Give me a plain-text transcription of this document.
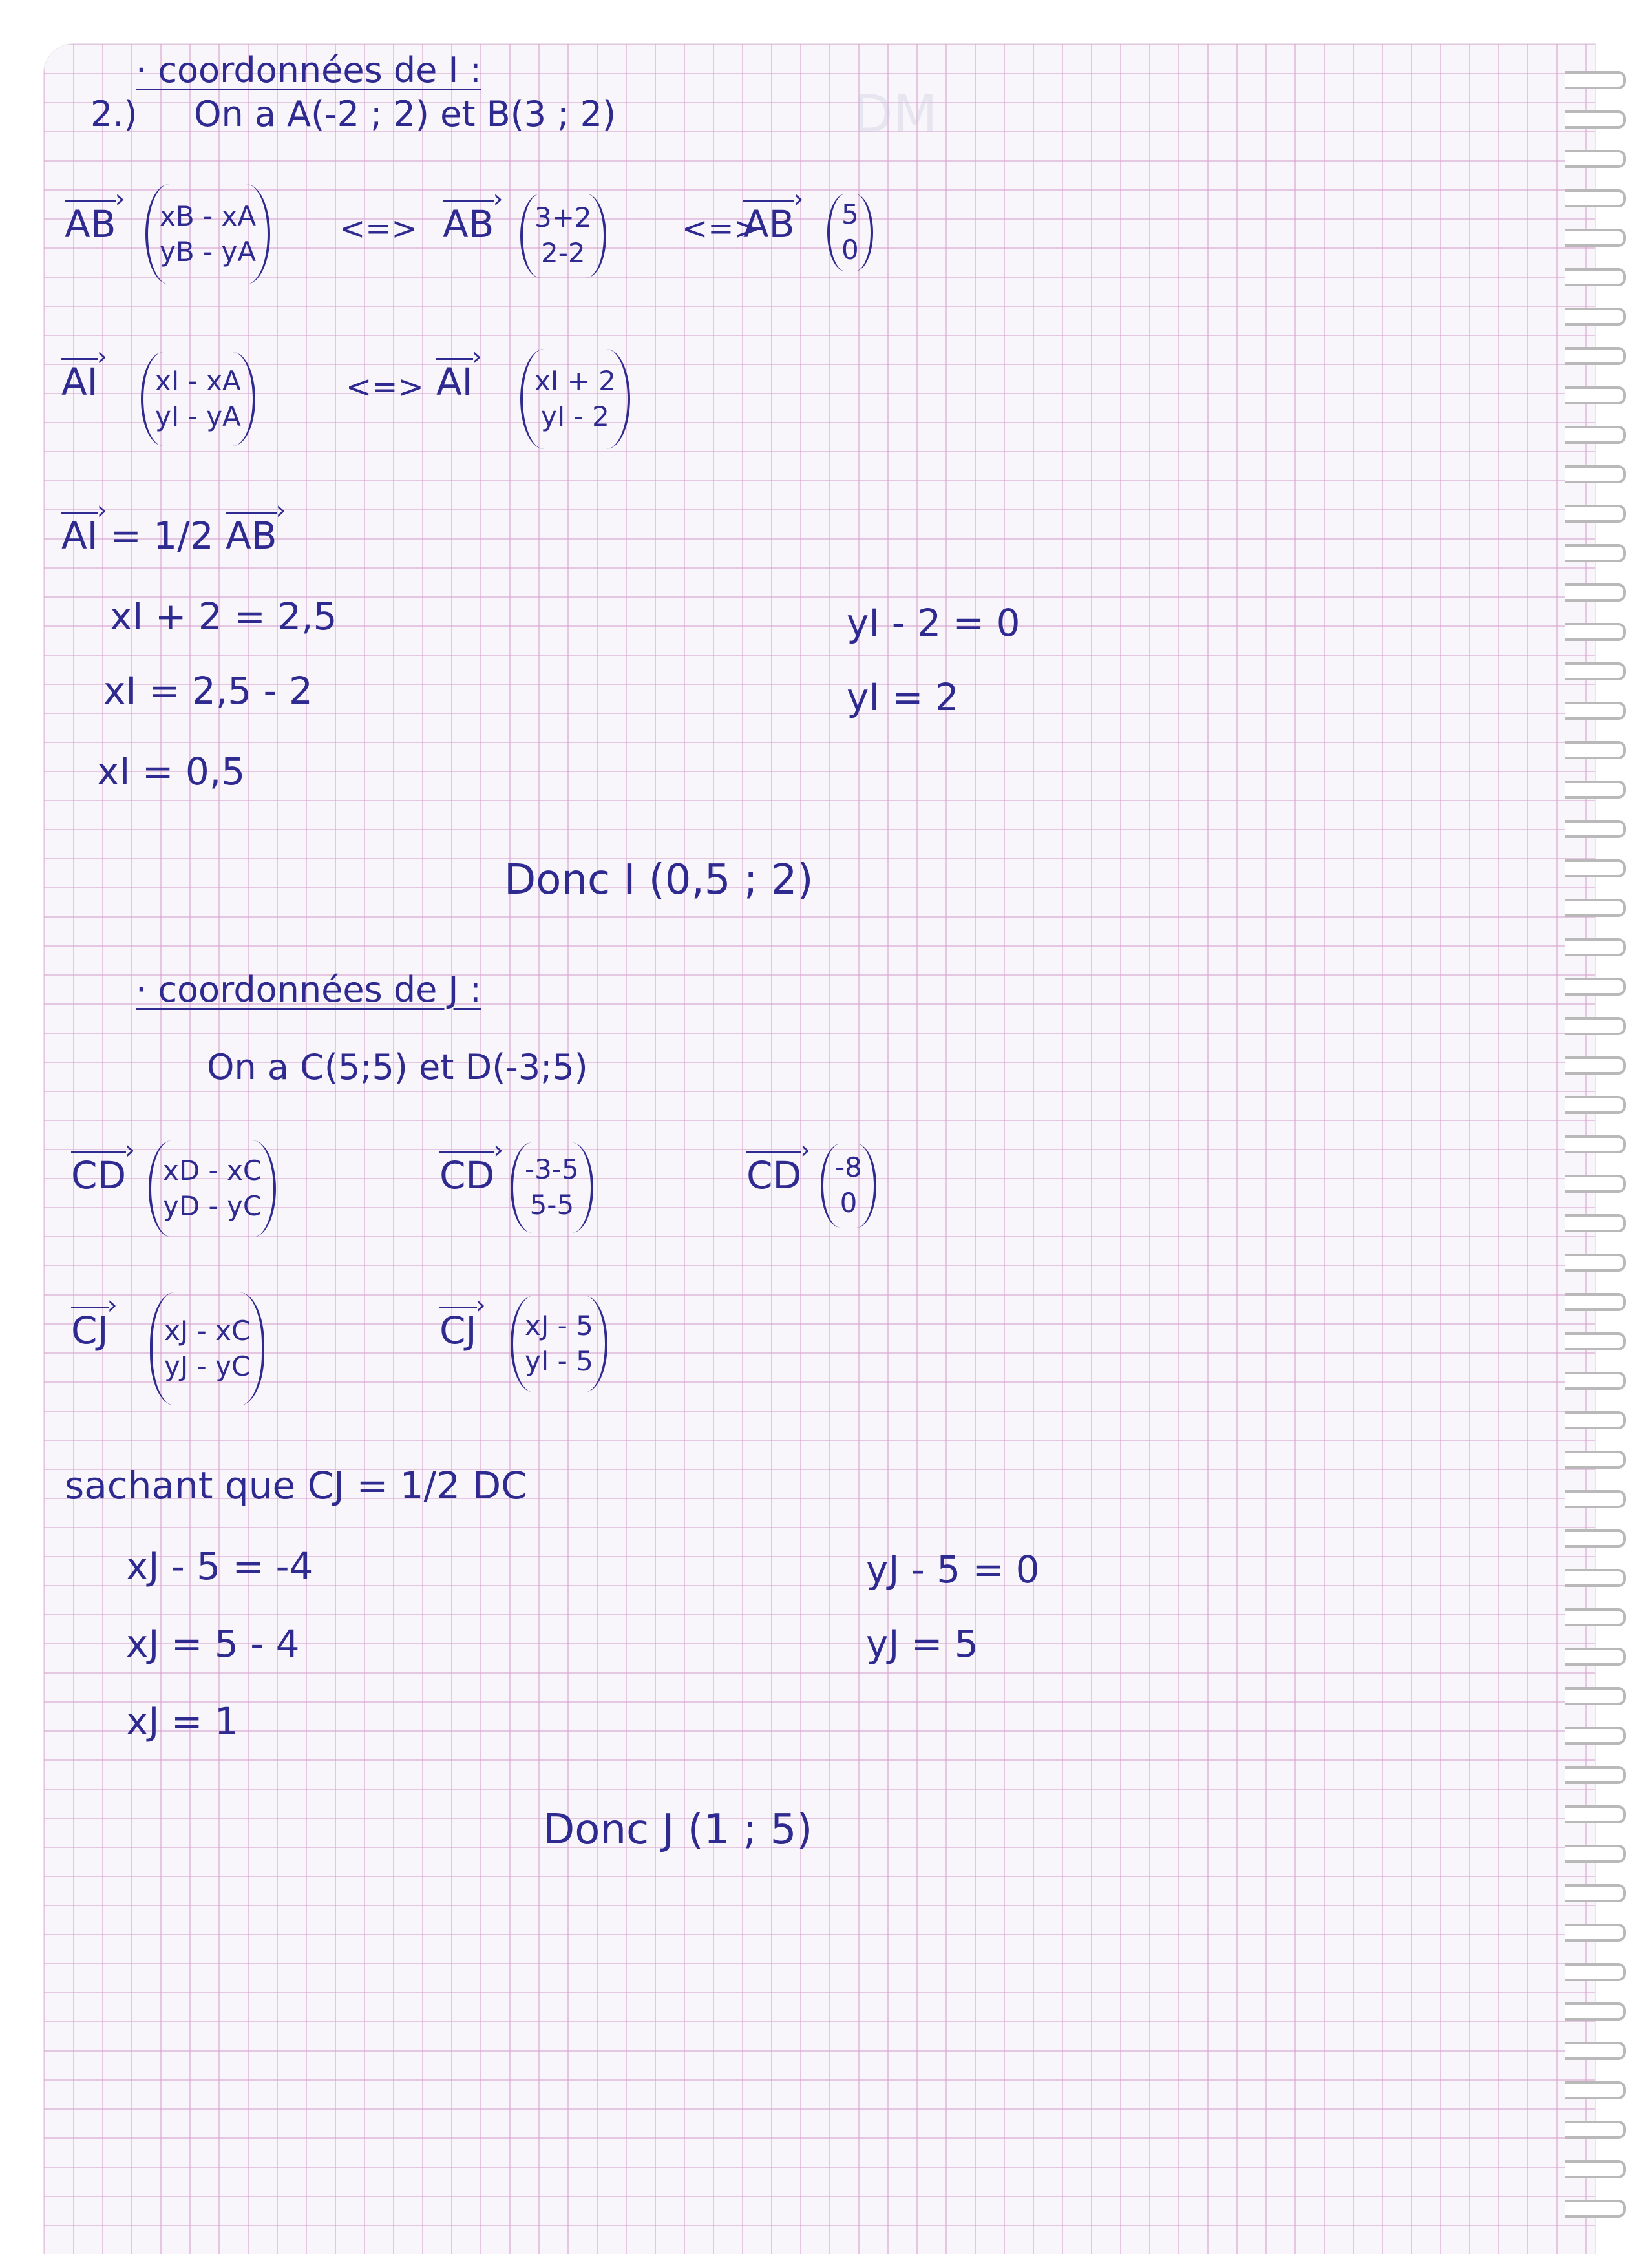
DM
· coordonnées de I :
2.) On a A(-2 ; 2) et B(3 ; 2)
AB › xB - xA
yB - yA
<=> AB › 3+2
2-2
<=>
AB › 5
0
AI › xI - xA
yI - yA
<=> AI › xI + 2
yI - 2
AI › = 1/2 AB ›
xI + 2 = 2,5
xI = 2,5 - 2
xI = 0,5
yI - 2 = 0
yI = 2
Donc I (0,5 ; 2)
· coordonnées de J :
On a C(5;5) et D(-3;5)
CD › xD - xC
yD - yC
CD › -3-5
5-5
CD › -8
0
CJ › xJ - xC
yJ - yC
CJ › xJ - 5
yI - 5
sachant que CJ = 1/2 DC
xJ - 5 = -4
xJ = 5 - 4
xJ = 1
yJ - 5 = 0
yJ = 5
Donc J (1 ; 5)
